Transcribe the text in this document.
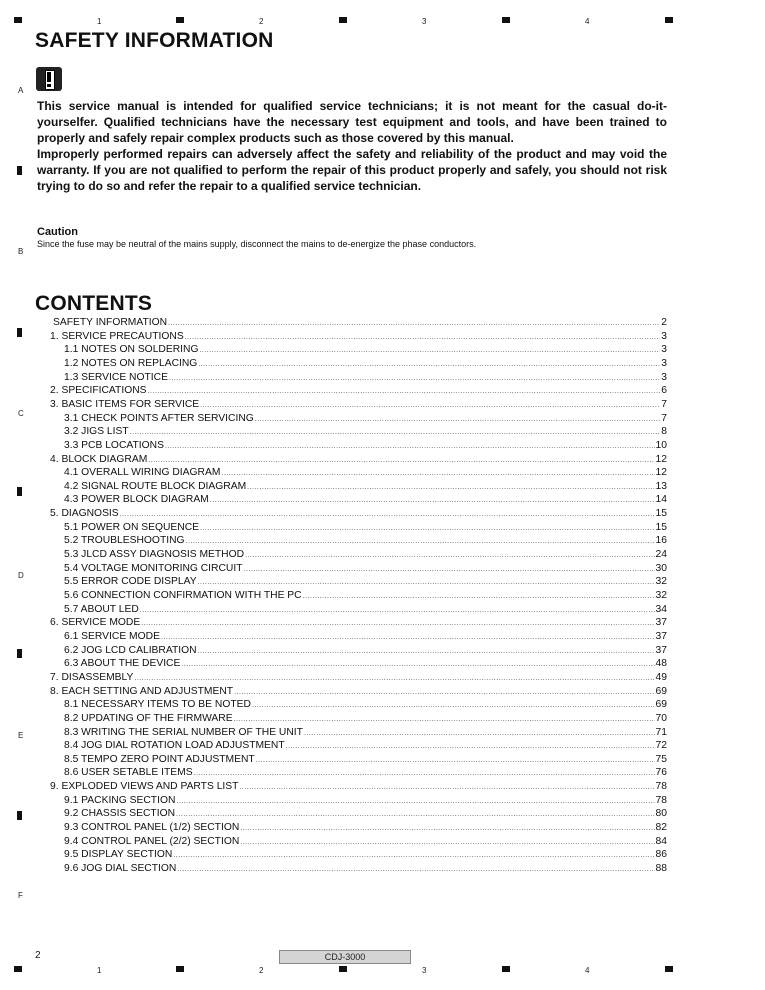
1	2	3	4
A
B
C
D
E
F
SAFETY INFORMATION
This service manual is intended for qualified service technicians; it is not meant for the casual do-it-yourselfer. Qualified technicians have the necessary test equipment and tools, and have been trained to properly and safely repair complex products such as those covered by this manual.
Improperly performed repairs can adversely affect the safety and reliability of the product and may void the warranty. If you are not qualified to perform the repair of this product properly and safely, you should not risk trying to do so and refer the repair to a qualified service technician.
Caution
Since the fuse may be neutral of the mains supply, disconnect the mains to de-energize the phase conductors.
CONTENTS
SAFETY INFORMATION .....	2
1. SERVICE PRECAUTIONS .....	3
1.1 NOTES ON SOLDERING .....	3
1.2 NOTES ON REPLACING .....	3
1.3 SERVICE NOTICE .....	3
2. SPECIFICATIONS .....	6
3. BASIC ITEMS FOR SERVICE .....	7
3.1 CHECK POINTS AFTER SERVICING .....	7
3.2 JIGS LIST .....	8
3.3 PCB LOCATIONS .....	10
4. BLOCK DIAGRAM .....	12
4.1 OVERALL WIRING DIAGRAM .....	12
4.2 SIGNAL ROUTE BLOCK DIAGRAM .....	13
4.3 POWER BLOCK DIAGRAM .....	14
5. DIAGNOSIS .....	15
5.1 POWER ON SEQUENCE .....	15
5.2 TROUBLESHOOTING .....	16
5.3 JLCD ASSY DIAGNOSIS METHOD .....	24
5.4 VOLTAGE MONITORING CIRCUIT .....	30
5.5 ERROR CODE DISPLAY .....	32
5.6 CONNECTION CONFIRMATION WITH THE PC .....	32
5.7 ABOUT LED .....	34
6. SERVICE MODE .....	37
6.1 SERVICE MODE .....	37
6.2 JOG LCD CALIBRATION .....	37
6.3 ABOUT THE DEVICE .....	48
7. DISASSEMBLY .....	49
8. EACH SETTING AND ADJUSTMENT .....	69
8.1 NECESSARY ITEMS TO BE NOTED .....	69
8.2 UPDATING OF THE FIRMWARE .....	70
8.3 WRITING THE SERIAL NUMBER OF THE UNIT .....	71
8.4 JOG DIAL ROTATION LOAD ADJUSTMENT .....	72
8.5 TEMPO ZERO POINT ADJUSTMENT .....	75
8.6 USER SETABLE ITEMS .....	76
9. EXPLODED VIEWS AND PARTS LIST .....	78
9.1 PACKING SECTION .....	78
9.2 CHASSIS SECTION .....	80
9.3 CONTROL PANEL (1/2) SECTION .....	82
9.4 CONTROL PANEL (2/2) SECTION .....	84
9.5 DISPLAY SECTION .....	86
9.6 JOG DIAL SECTION .....	88
2	CDJ-3000
1	2	3	4
